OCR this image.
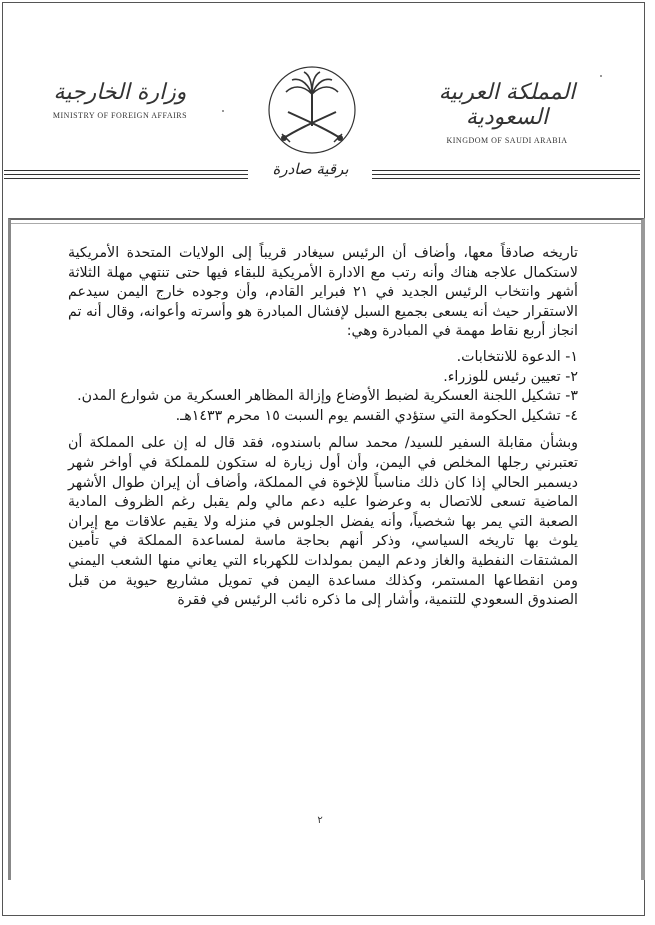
وزارة الخارجية
MINISTRY OF FOREIGN AFFAIRS
المملكة العربية السعودية
KINGDOM OF SAUDI ARABIA
برقية صادرة

تاريخه صادقاً معها، وأضاف أن الرئيس سيغادر قريباً إلى الولايات المتحدة الأمريكية لاستكمال علاجه هناك وأنه رتب مع الادارة الأمريكية للبقاء فيها حتى تنتهي مهلة الثلاثة أشهر وانتخاب الرئيس الجديد في ٢١ فبراير القادم، وأن وجوده خارج اليمن سيدعم الاستقرار حيث أنه يسعى بجميع السبل لإفشال المبادرة هو وأسرته وأعوانه، وقال أنه تم انجاز أربع نقاط مهمة في المبادرة وهي:

١- الدعوة للانتخابات.
٢- تعيين رئيس للوزراء.
٣- تشكيل اللجنة العسكرية لضبط الأوضاع وإزالة المظاهر العسكرية من شوارع المدن.
٤- تشكيل الحكومة التي ستؤدي القسم يوم السبت ١٥ محرم ١٤٣٣هـ.

وبشأن مقابلة السفير للسيد/ محمد سالم باسندوه، فقد قال له إن على المملكة أن تعتبرني رجلها المخلص في اليمن، وأن أول زيارة له ستكون للمملكة في أواخر شهر ديسمبر الحالي إذا كان ذلك مناسباً للإخوة في المملكة، وأضاف أن إيران طوال الأشهر الماضية تسعى للاتصال به وعرضوا عليه دعم مالي ولم يقبل رغم الظروف المادية الصعبة التي يمر بها شخصياً، وأنه يفضل الجلوس في منزله ولا يقيم علاقات مع إيران يلوث بها تاريخه السياسي، وذكر أنهم بحاجة ماسة لمساعدة المملكة في تأمين المشتقات النفطية والغاز ودعم اليمن بمولدات للكهرباء التي يعاني منها الشعب اليمني ومن انقطاعها المستمر، وكذلك مساعدة اليمن في تمويل مشاريع حيوية من قبل الصندوق السعودي للتنمية، وأشار إلى ما ذكره نائب الرئيس في فقرة

٢
